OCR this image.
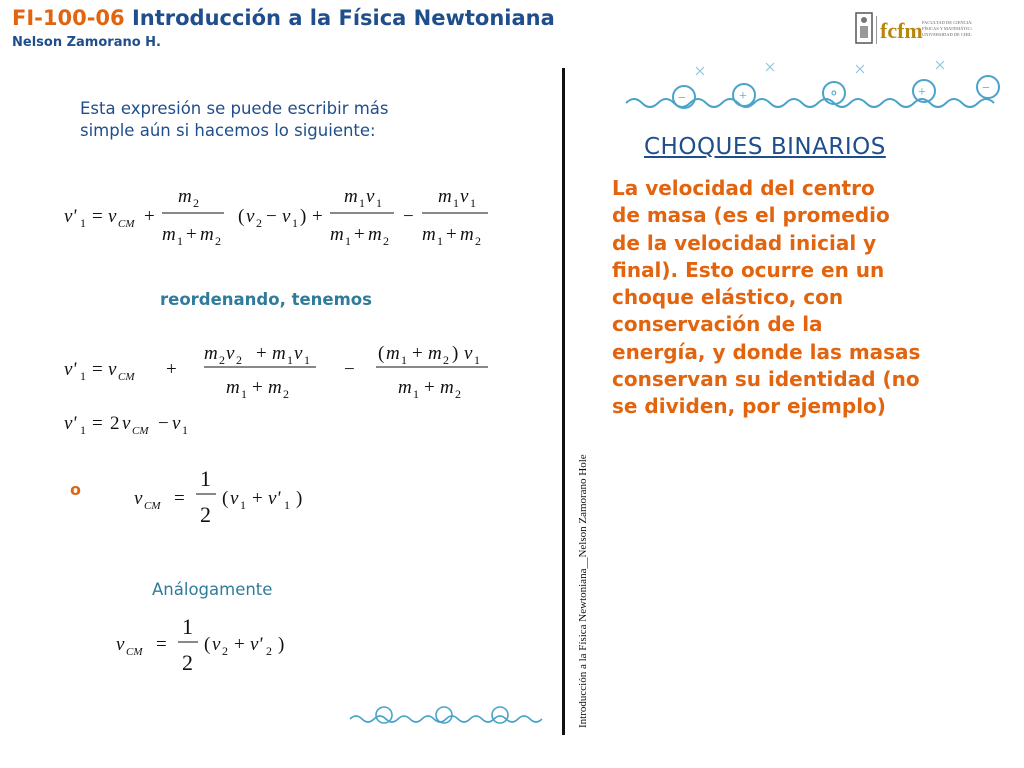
FI-100-06 Introducción a la Física Newtoniana
Nelson Zamorano H.	fcfm FACULTAD DE CIENCIAS
FÍSICAS Y MATEMÁTICAS
UNIVERSIDAD DE CHILE
−	+	⚬	+	−
Introducción a la Física Newtoniana__Nelson Zamorano Hole
Esta expresión se puede escribir más
simple aún si hacemos lo siguiente:
v' 1 = v CM +
m 2
m 1 + m 2
( v 2 − v 1 ) +
m 1 v 1
m 1 + m 2
−
m 1 v 1
m 1 + m 2
reordenando, tenemos
v' 1 = v CM +
m 2 v 2 + m 1 v 1
m 1 + m 2
−
( m 1 + m 2 ) v 1
m 1 + m 2
v' 1 = 2 v CM − v 1
o	v CM =
1
2
( v 1 + v' 1 )
Análogamente
v CM =
1
2
( v 2 + v' 2 )
CHOQUES BINARIOS
La velocidad del centro
de masa (es el promedio
de la velocidad inicial y
final). Esto ocurre en un
choque elástico, con
conservación de la
energía, y donde las masas
conservan su identidad (no
se dividen, por ejemplo)
